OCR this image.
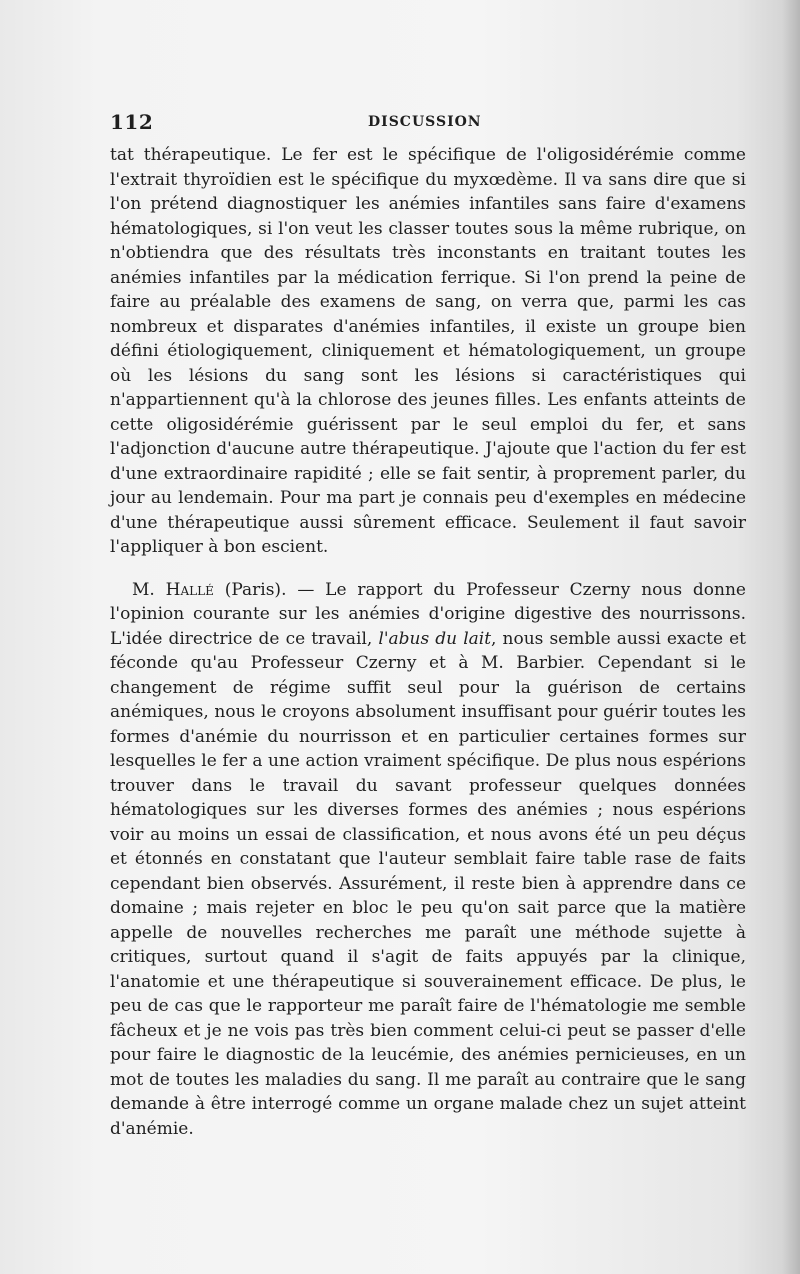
112	DISCUSSION

tat thérapeutique. Le fer est le spécifique de l'oligosidérémie comme l'extrait thyroïdien est le spécifique du myxœdème. Il va sans dire que si l'on prétend diagnostiquer les anémies infantiles sans faire d'examens hématologiques, si l'on veut les classer toutes sous la même rubrique, on n'obtiendra que des résultats très inconstants en traitant toutes les anémies infantiles par la médication ferrique. Si l'on prend la peine de faire au préalable des examens de sang, on verra que, parmi les cas nombreux et disparates d'anémies infantiles, il existe un groupe bien défini étiologiquement, cliniquement et hématologiquement, un groupe où les lésions du sang sont les lésions si caractéristiques qui n'appartiennent qu'à la chlorose des jeunes filles. Les enfants atteints de cette oligosidérémie guérissent par le seul emploi du fer, et sans l'adjonction d'aucune autre thérapeutique. J'ajoute que l'action du fer est d'une extraordinaire rapidité ; elle se fait sentir, à proprement parler, du jour au lendemain. Pour ma part je connais peu d'exemples en médecine d'une thérapeutique aussi sûrement efficace. Seulement il faut savoir l'appliquer à bon escient.

M. Hallé (Paris). — Le rapport du Professeur Czerny nous donne l'opinion courante sur les anémies d'origine digestive des nourrissons. L'idée directrice de ce travail, l'abus du lait, nous semble aussi exacte et féconde qu'au Professeur Czerny et à M. Barbier. Cependant si le changement de régime suffit seul pour la guérison de certains anémiques, nous le croyons absolument insuffisant pour guérir toutes les formes d'anémie du nourrisson et en particulier certaines formes sur lesquelles le fer a une action vraiment spécifique. De plus nous espérions trouver dans le travail du savant professeur quelques données hématologiques sur les diverses formes des anémies ; nous espérions voir au moins un essai de classification, et nous avons été un peu déçus et étonnés en constatant que l'auteur semblait faire table rase de faits cependant bien observés. Assurément, il reste bien à apprendre dans ce domaine ; mais rejeter en bloc le peu qu'on sait parce que la matière appelle de nouvelles recherches me paraît une méthode sujette à critiques, surtout quand il s'agit de faits appuyés par la clinique, l'anatomie et une thérapeutique si souverainement efficace. De plus, le peu de cas que le rapporteur me paraît faire de l'hématologie me semble fâcheux et je ne vois pas très bien comment celui-ci peut se passer d'elle pour faire le diagnostic de la leucémie, des anémies pernicieuses, en un mot de toutes les maladies du sang. Il me paraît au contraire que le sang demande à être interrogé comme un organe malade chez un sujet atteint d'anémie.
